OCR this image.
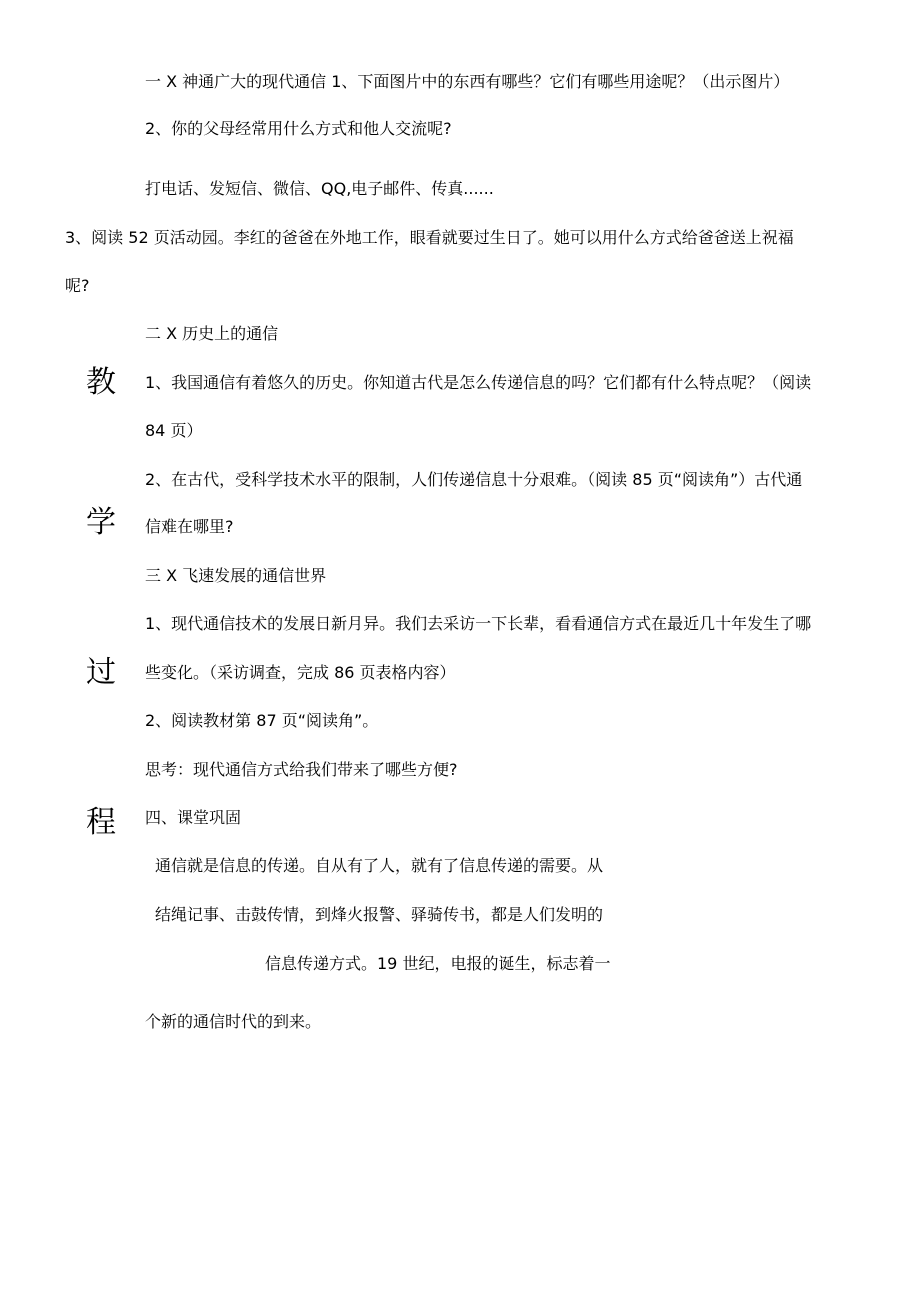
教
学
过
程
一 X 神通广大的现代通信 1、下面图片中的东西有哪些？它们有哪些用途呢？（出示图片）
2、你的父母经常用什么方式和他人交流呢?
打电话、发短信、微信、QQ,电子邮件、传真......
3、阅读 52 页活动园。李红的爸爸在外地工作，眼看就要过生日了。她可以用什么方式给爸爸送上祝福
呢?
二 X 历史上的通信
1、我国通信有着悠久的历史。你知道古代是怎么传递信息的吗？它们都有什么特点呢？（阅读
84 页）
2、在古代，受科学技术水平的限制，人们传递信息十分艰难。（阅读 85 页“阅读角”）古代通
信难在哪里?
三 X 飞速发展的通信世界
1、现代通信技术的发展日新月异。我们去采访一下长辈，看看通信方式在最近几十年发生了哪
些变化。（采访调查，完成 86 页表格内容）
2、阅读教材第 87 页“阅读角”。
思考：现代通信方式给我们带来了哪些方便?
四、课堂巩固
通信就是信息的传递。自从有了人，就有了信息传递的需要。从
结绳记事、击鼓传情，到烽火报警、驿骑传书，都是人们发明的
信息传递方式。19 世纪，电报的诞生，标志着一
个新的通信时代的到来。
